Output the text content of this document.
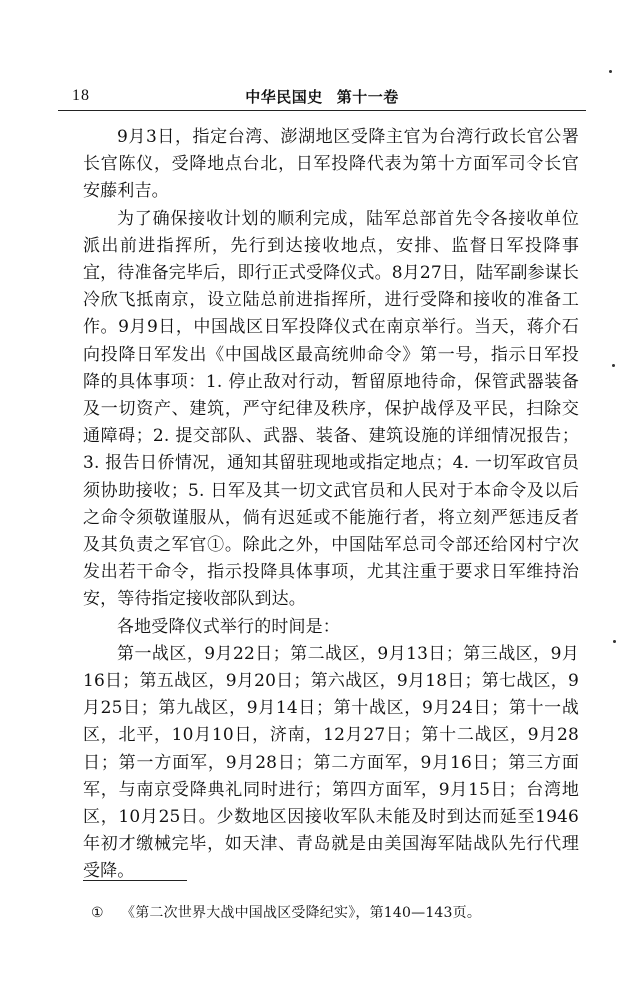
18	中华民国史 第十一卷

9月3日，指定台湾、澎湖地区受降主官为台湾行政长官公署长官陈仪，受降地点台北，日军投降代表为第十方面军司令长官安藤利吉。

为了确保接收计划的顺利完成，陆军总部首先令各接收单位派出前进指挥所，先行到达接收地点，安排、监督日军投降事宜，待准备完毕后，即行正式受降仪式。8月27日，陆军副参谋长冷欣飞抵南京，设立陆总前进指挥所，进行受降和接收的准备工作。9月9日，中国战区日军投降仪式在南京举行。当天，蒋介石向投降日军发出《中国战区最高统帅命令》第一号，指示日军投降的具体事项：1. 停止敌对行动，暂留原地待命，保管武器装备及一切资产、建筑，严守纪律及秩序，保护战俘及平民，扫除交通障碍；2. 提交部队、武器、装备、建筑设施的详细情况报告；3. 报告日侨情况，通知其留驻现地或指定地点；4. 一切军政官员须协助接收；5. 日军及其一切文武官员和人民对于本命令及以后之命令须敬谨服从，倘有迟延或不能施行者，将立刻严惩违反者及其负责之军官①。除此之外，中国陆军总司令部还给冈村宁次发出若干命令，指示投降具体事项，尤其注重于要求日军维持治安，等待指定接收部队到达。

各地受降仪式举行的时间是：

第一战区，9月22日；第二战区，9月13日；第三战区，9月16日；第五战区，9月20日；第六战区，9月18日；第七战区，9月25日；第九战区，9月14日；第十战区，9月24日；第十一战区，北平，10月10日，济南，12月27日；第十二战区，9月28日；第一方面军，9月28日；第二方面军，9月16日；第三方面军，与南京受降典礼同时进行；第四方面军，9月15日；台湾地区，10月25日。少数地区因接收军队未能及时到达而延至1946年初才缴械完毕，如天津、青岛就是由美国海军陆战队先行代理受降。

① 《第二次世界大战中国战区受降纪实》，第140—143页。
